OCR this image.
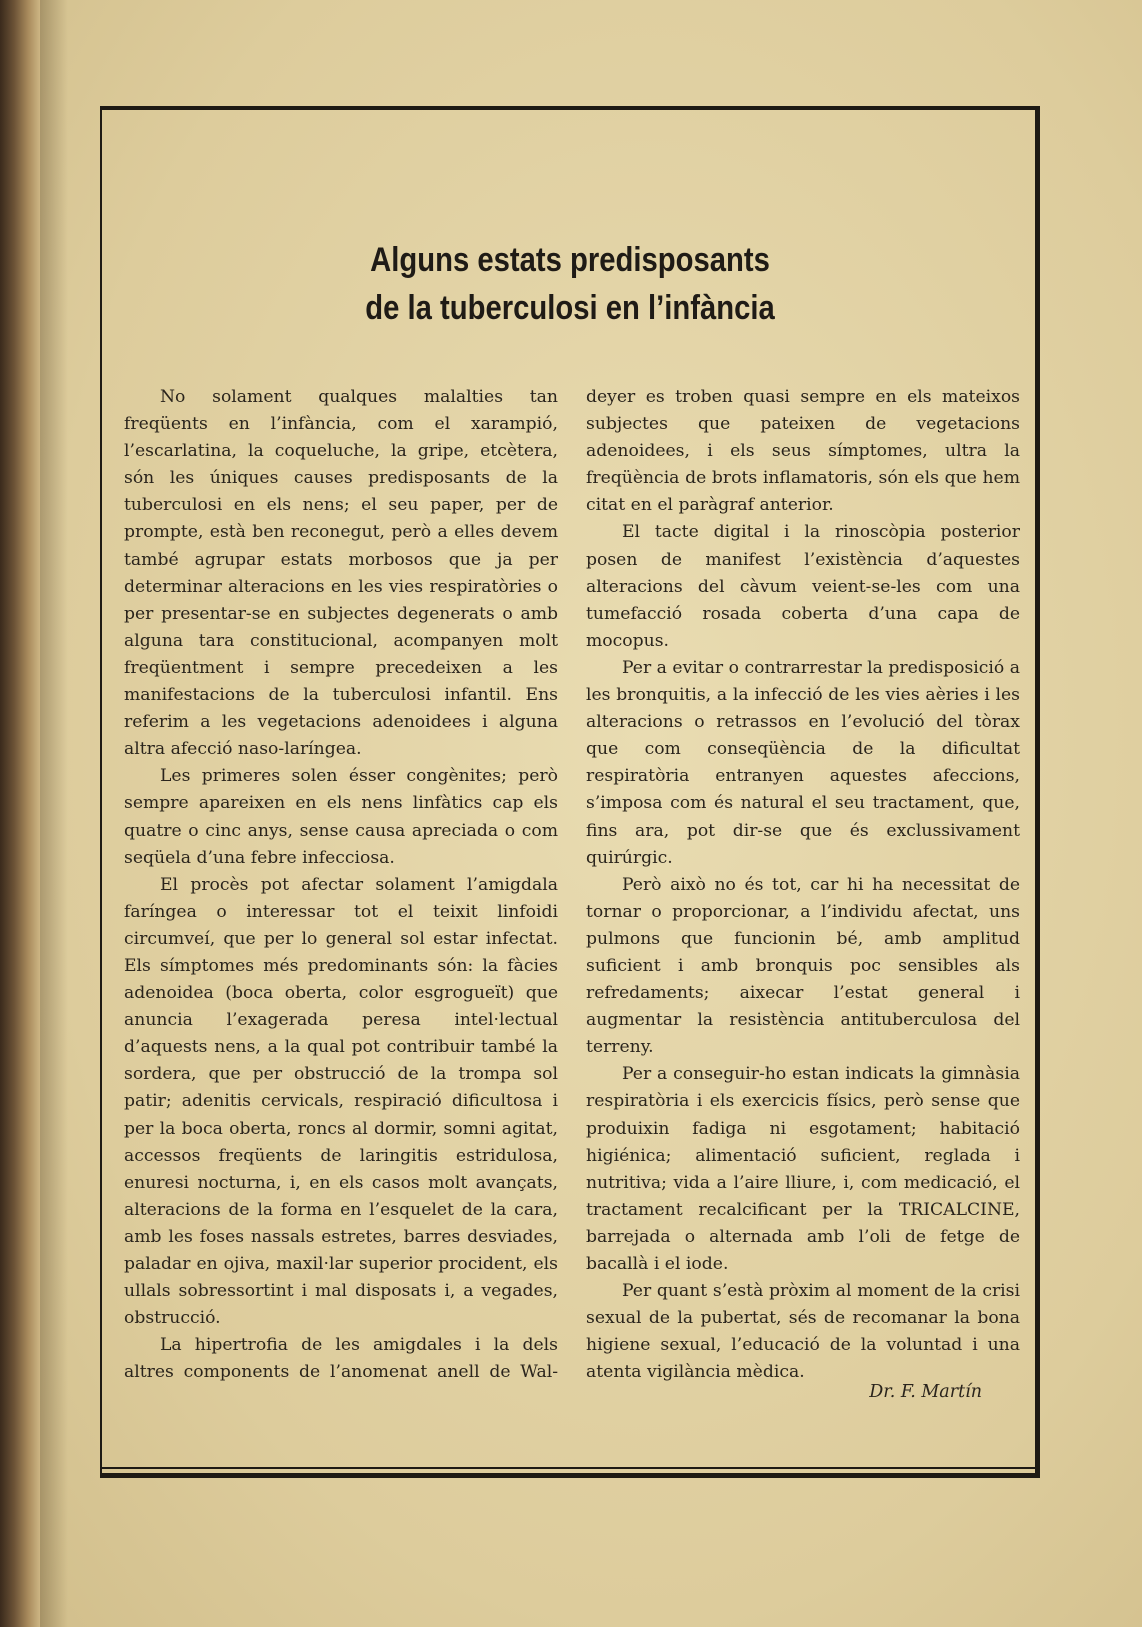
Alguns estats predisposants
de la tuberculosi en l’infància

No solament qualques malalties tan freqüents en l’infància, com el xarampió, l’escarlatina, la coqueluche, la gripe, etcètera, són les úniques causes predisposants de la tuberculosi en els nens; el seu paper, per de prompte, està ben reconegut, però a elles devem també agrupar estats morbosos que ja per determinar alteracions en les vies respiratòries o per presentar-se en subjectes degenerats o amb alguna tara constitucional, acompanyen molt freqüentment i sempre precedeixen a les manifestacions de la tuberculosi infantil. Ens referim a les vegetacions adenoidees i alguna altra afecció naso-laríngea.

Les primeres solen ésser congènites; però sempre apareixen en els nens linfàtics cap els quatre o cinc anys, sense causa apreciada o com seqüela d’una febre infecciosa.

El procès pot afectar solament l’amigdala faríngea o interessar tot el teixit linfoidi circumveí, que per lo general sol estar infectat. Els símptomes més predominants són: la fàcies adenoidea (boca oberta, color esgrogueït) que anuncia l’exagerada peresa intel·lectual d’aquests nens, a la qual pot contribuir també la sordera, que per obstrucció de la trompa sol patir; adenitis cervicals, respiració dificultosa i per la boca oberta, roncs al dormir, somni agitat, accessos freqüents de laringitis estridulosa, enuresi nocturna, i, en els casos molt avançats, alteracions de la forma en l’esquelet de la cara, amb les foses nassals estretes, barres desviades, paladar en ojiva, maxil·lar superior procident, els ullals sobressortint i mal disposats i, a vegades, obstrucció.

La hipertrofia de les amigdales i la dels altres components de l’anomenat anell de Wal-

deyer es troben quasi sempre en els mateixos subjectes que pateixen de vegetacions adenoidees, i els seus símptomes, ultra la freqüència de brots inflamatoris, són els que hem citat en el paràgraf anterior.

El tacte digital i la rinoscòpia posterior posen de manifest l’existència d’aquestes alteracions del càvum veient-se-les com una tumefacció rosada coberta d’una capa de mocopus.

Per a evitar o contrarrestar la predisposició a les bronquitis, a la infecció de les vies aèries i les alteracions o retrassos en l’evolució del tòrax que com conseqüència de la dificultat respiratòria entranyen aquestes afeccions, s’imposa com és natural el seu tractament, que, fins ara, pot dir-se que és exclussivament quirúrgic.

Però això no és tot, car hi ha necessitat de tornar o proporcionar, a l’individu afectat, uns pulmons que funcionin bé, amb amplitud suficient i amb bronquis poc sensibles als refredaments; aixecar l’estat general i augmentar la resistència antituberculosa del terreny.

Per a conseguir-ho estan indicats la gimnàsia respiratòria i els exercicis físics, però sense que produixin fadiga ni esgotament; habitació higiénica; alimentació suficient, reglada i nutritiva; vida a l’aire lliure, i, com medicació, el tractament recalcificant per la TRICALCINE, barrejada o alternada amb l’oli de fetge de bacallà i el iode.

Per quant s’està pròxim al moment de la crisi sexual de la pubertat, sés de recomanar la bona higiene sexual, l’educació de la voluntad i una atenta vigilància mèdica.

Dr. F. Martín
